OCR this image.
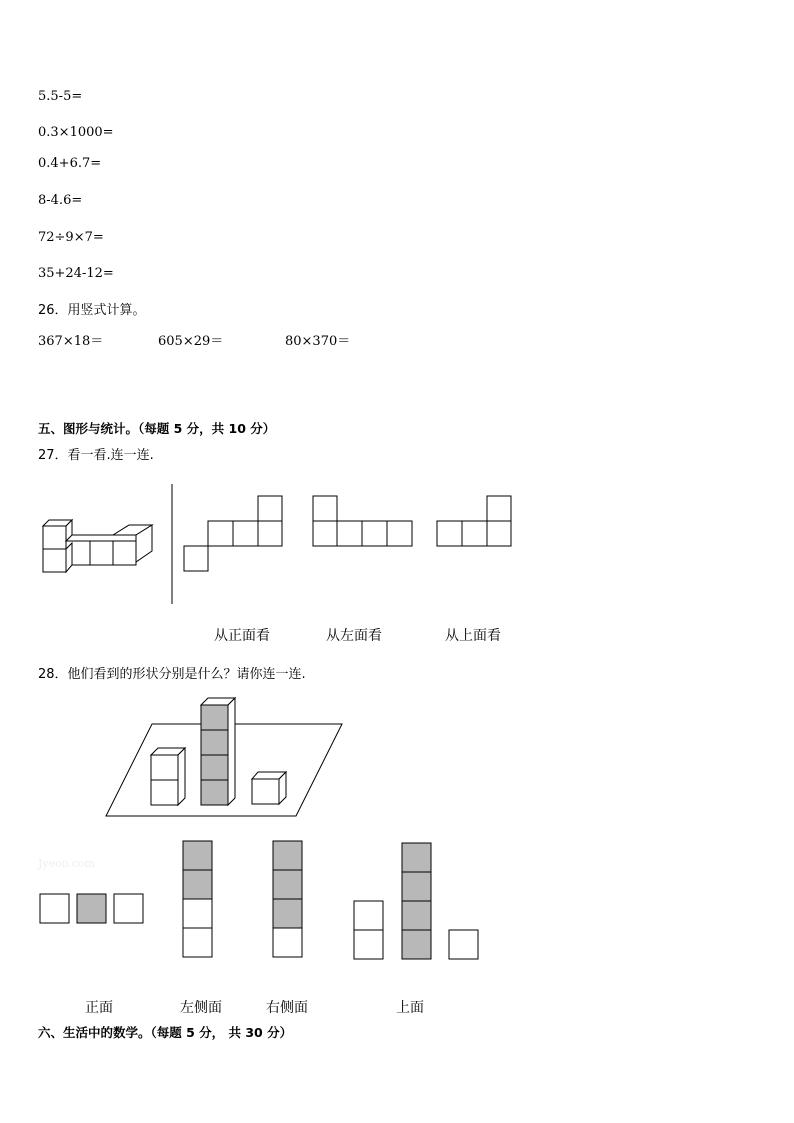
5.5-5=
0.3×1000=
0.4+6.7=
8-4.6=
72÷9×7=
35+24-12=
26．用竖式计算。
367×18＝	605×29＝	80×370＝
五、图形与统计。（每题 5 分，共 10 分）
27．看一看.连一连.
从正面看	从左面看	从上面看
28．他们看到的形状分别是什么？请你连一连.
Jyeoo.com
正面	左侧面	右侧面	上面
六、生活中的数学。（每题 5 分， 共 30 分）
